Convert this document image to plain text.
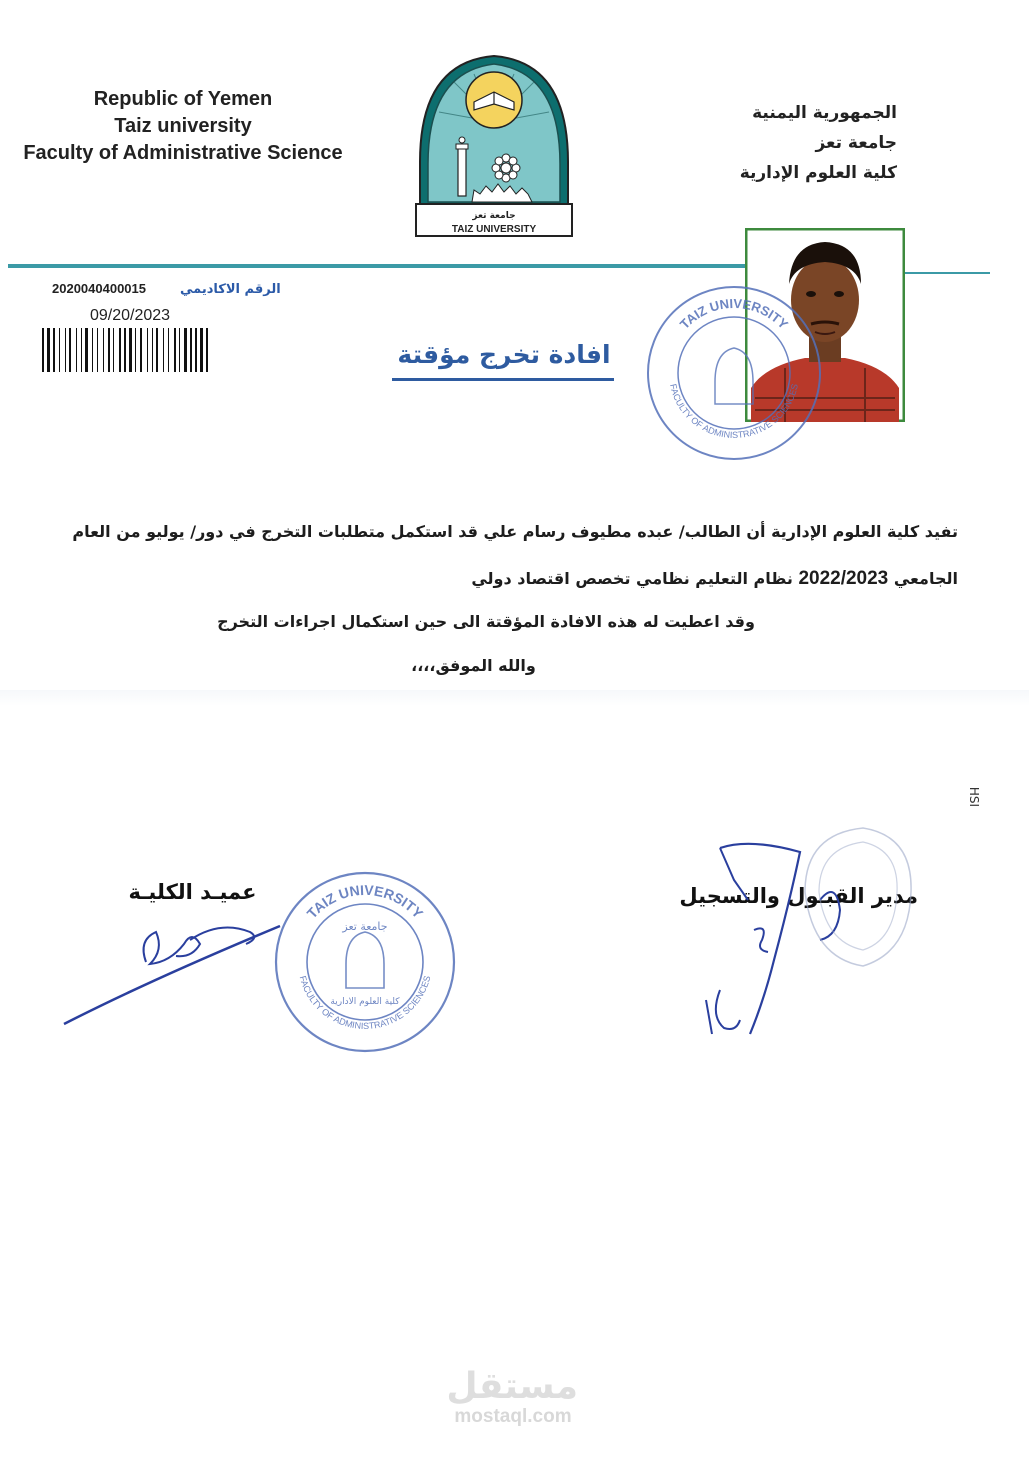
Republic of Yemen
Taiz university
Faculty of Administrative Science
الجمهورية اليمنية
جامعة تعز
كلية العلوم الإدارية
جامعة تعز
TAIZ UNIVERSITY
2020040400015	الرقم الاكاديمي
09/20/2023
افادة تخرج مؤقتة
TAIZ UNIVERSITY
FACULTY OF ADMINISTRATIVE SCIENCES
تفيد كلية العلوم الإدارية أن الطالب/ عبده مطيوف رسام علي قد استكمل متطلبات التخرج في دور/ يوليو من العام
الجامعي 2022/2023 نظام التعليم نظامي تخصص اقتصاد دولي
وقد اعطيت له هذه الافادة المؤقتة الى حين استكمال اجراءات التخرج
والله الموفق،،،،
HSI
عميـد الكليـة	مدير القبـول والتسجيل
TAIZ UNIVERSITY
FACULTY OF ADMINISTRATIVE SCIENCES
جامعة تعز
كلية العلوم الادارية
مستقل
mostaql.com
